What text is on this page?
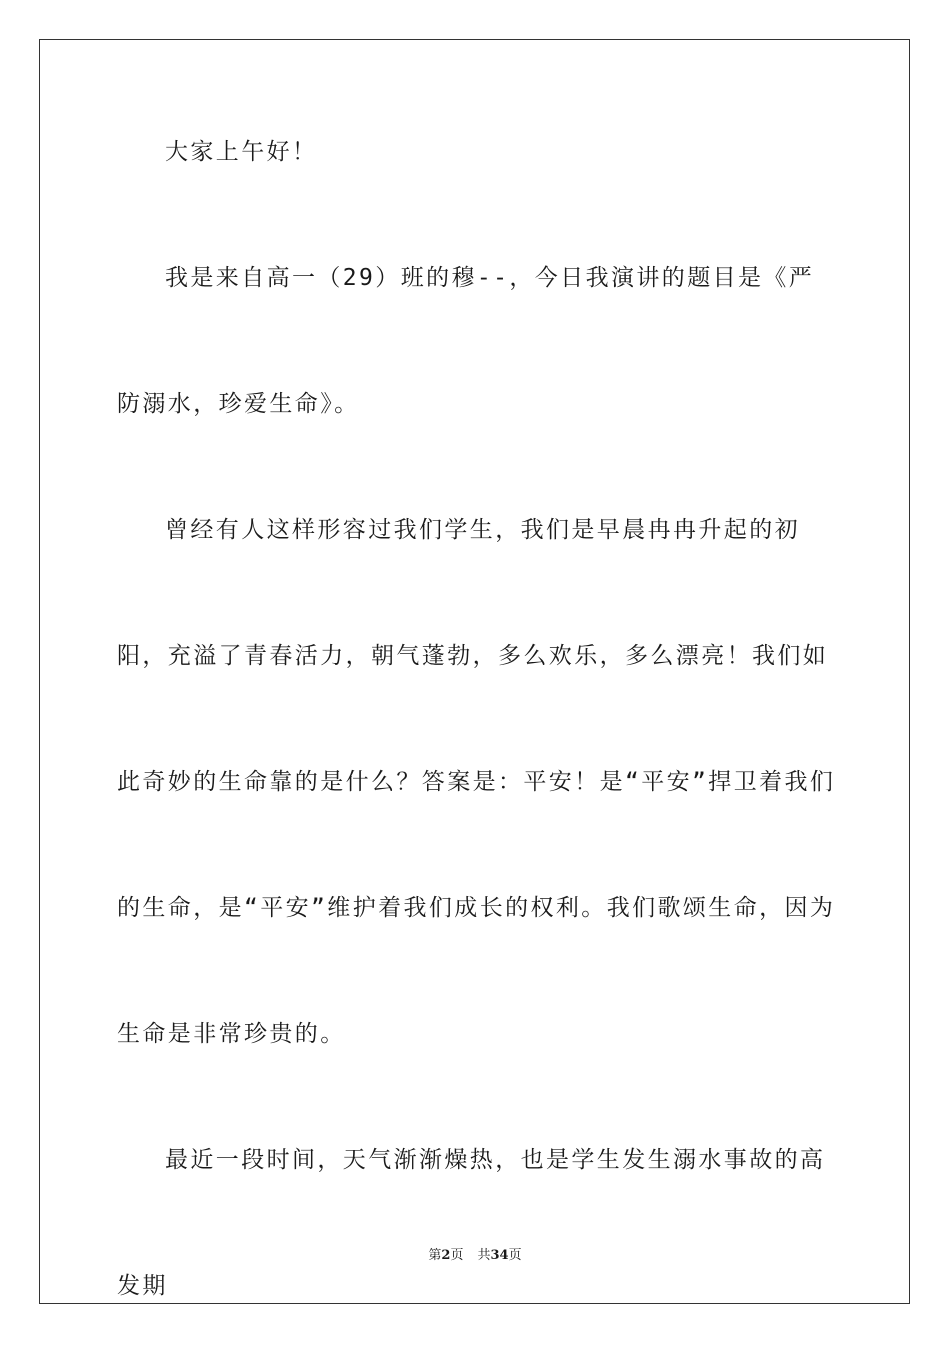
大家上午好！

我是来自高一（29）班的穆--，今日我演讲的题目是《严防溺水，珍爱生命》。

曾经有人这样形容过我们学生，我们是早晨冉冉升起的初阳，充溢了青春活力，朝气蓬勃，多么欢乐，多么漂亮！我们如此奇妙的生命靠的是什么？答案是：平安！是“平安”捍卫着我们的生命，是“平安”维护着我们成长的权利。我们歌颂生命，因为生命是非常珍贵的。

最近一段时间，天气渐渐燥热，也是学生发生溺水事故的高发期

第2页 共34页
